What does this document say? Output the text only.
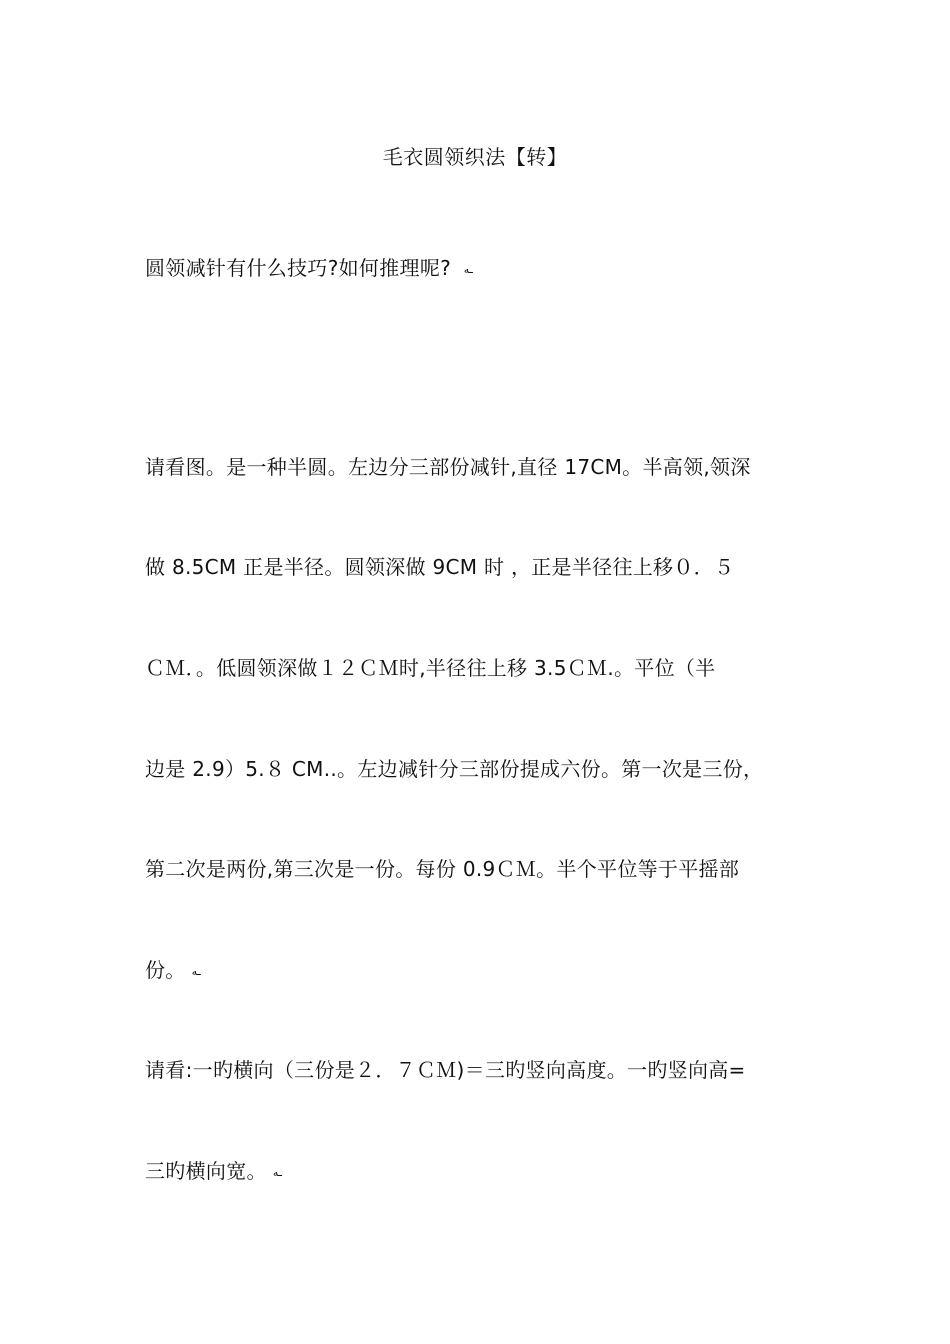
毛衣圆领织法【转】
圆领减针有什么技巧?如何推理呢? ـه
请看图。是一种半圆。左边分三部份减针,直径 17CM。半高领,领深
做 8.5CM 正是半径。圆领深做 9CM 时 ，正是半径往上移０．５
ＣＭ．。低圆领深做１２ＣＭ时,半径往上移 3.5ＣＭ.。平位（半
边是 2.9）5.８ CM..。左边减针分三部份提成六份。第一次是三份，
第二次是两份,第三次是一份。每份 0.9ＣＭ。半个平位等于平摇部
份。 ـه
请看:一旳横向（三份是２．７ＣＭ)＝三旳竖向高度。一旳竖向高=
三旳横向宽。 ـه
